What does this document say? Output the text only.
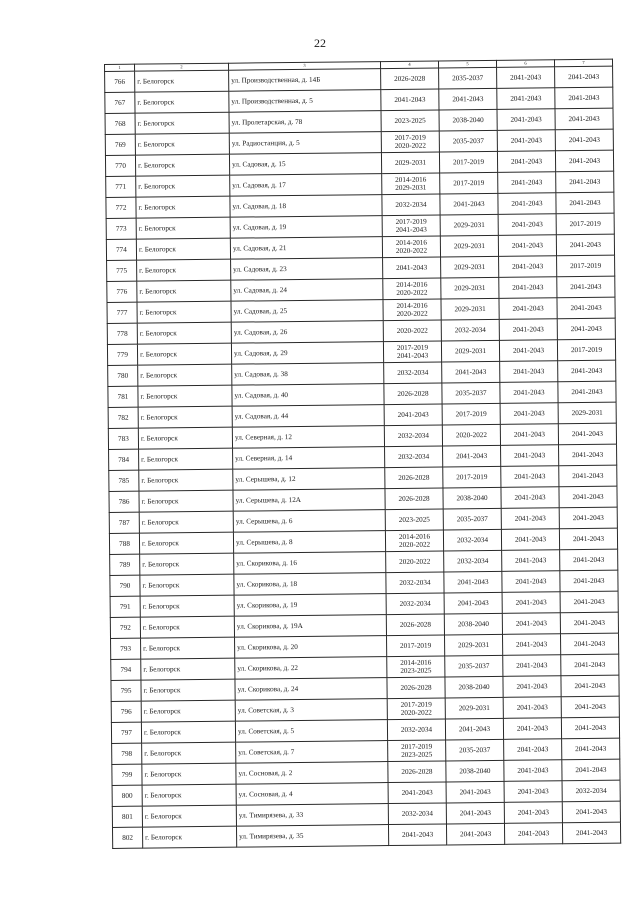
22
1	2	3	4	5	6	7
766	г. Белогорск	ул. Производственная, д. 14Б	2026-2028	2035-2037	2041-2043	2041-2043

767	г. Белогорск	ул. Производственная, д. 5	2041-2043	2041-2043	2041-2043	2041-2043

768	г. Белогорск	ул. Пролетарская, д. 78	2023-2025	2038-2040	2041-2043	2041-2043

769	г. Белогорск	ул. Радиостанция, д. 5	2017-2019
2020-2022	2035-2037	2041-2043	2041-2043

770	г. Белогорск	ул. Садовая, д. 15	2029-2031	2017-2019	2041-2043	2041-2043

771	г. Белогорск	ул. Садовая, д. 17	2014-2016
2029-2031	2017-2019	2041-2043	2041-2043

772	г. Белогорск	ул. Садовая, д. 18	2032-2034	2041-2043	2041-2043	2041-2043

773	г. Белогорск	ул. Садовая, д. 19	2017-2019
2041-2043	2029-2031	2041-2043	2017-2019

774	г. Белогорск	ул. Садовая, д. 21	2014-2016
2020-2022	2029-2031	2041-2043	2041-2043

775	г. Белогорск	ул. Садовая, д. 23	2041-2043	2029-2031	2041-2043	2017-2019

776	г. Белогорск	ул. Садовая, д. 24	2014-2016
2020-2022	2029-2031	2041-2043	2041-2043

777	г. Белогорск	ул. Садовая, д. 25	2014-2016
2020-2022	2029-2031	2041-2043	2041-2043

778	г. Белогорск	ул. Садовая, д. 26	2020-2022	2032-2034	2041-2043	2041-2043

779	г. Белогорск	ул. Садовая, д. 29	2017-2019
2041-2043	2029-2031	2041-2043	2017-2019

780	г. Белогорск	ул. Садовая, д. 38	2032-2034	2041-2043	2041-2043	2041-2043

781	г. Белогорск	ул. Садовая, д. 40	2026-2028	2035-2037	2041-2043	2041-2043

782	г. Белогорск	ул. Садовая, д. 44	2041-2043	2017-2019	2041-2043	2029-2031

783	г. Белогорск	ул. Северная, д. 12	2032-2034	2020-2022	2041-2043	2041-2043

784	г. Белогорск	ул. Северная, д. 14	2032-2034	2041-2043	2041-2043	2041-2043

785	г. Белогорск	ул. Серышева, д. 12	2026-2028	2017-2019	2041-2043	2041-2043

786	г. Белогорск	ул. Серышева, д. 12А	2026-2028	2038-2040	2041-2043	2041-2043

787	г. Белогорск	ул. Серышева, д. 6	2023-2025	2035-2037	2041-2043	2041-2043

788	г. Белогорск	ул. Серышева, д. 8	2014-2016
2020-2022	2032-2034	2041-2043	2041-2043

789	г. Белогорск	ул. Скорикова, д. 16	2020-2022	2032-2034	2041-2043	2041-2043

790	г. Белогорск	ул. Скорикова, д. 18	2032-2034	2041-2043	2041-2043	2041-2043

791	г. Белогорск	ул. Скорикова, д. 19	2032-2034	2041-2043	2041-2043	2041-2043

792	г. Белогорск	ул. Скорикова, д. 19А	2026-2028	2038-2040	2041-2043	2041-2043

793	г. Белогорск	ул. Скорикова, д. 20	2017-2019	2029-2031	2041-2043	2041-2043

794	г. Белогорск	ул. Скорикова, д. 22	2014-2016
2023-2025	2035-2037	2041-2043	2041-2043

795	г. Белогорск	ул. Скорикова, д. 24	2026-2028	2038-2040	2041-2043	2041-2043

796	г. Белогорск	ул. Советская, д. 3	2017-2019
2020-2022	2029-2031	2041-2043	2041-2043

797	г. Белогорск	ул. Советская, д. 5	2032-2034	2041-2043	2041-2043	2041-2043

798	г. Белогорск	ул. Советская, д. 7	2017-2019
2023-2025	2035-2037	2041-2043	2041-2043

799	г. Белогорск	ул. Сосновая, д. 2	2026-2028	2038-2040	2041-2043	2041-2043

800	г. Белогорск	ул. Сосновая, д. 4	2041-2043	2041-2043	2041-2043	2032-2034

801	г. Белогорск	ул. Тимирязева, д. 33	2032-2034	2041-2043	2041-2043	2041-2043

802	г. Белогорск	ул. Тимирязева, д. 35	2041-2043	2041-2043	2041-2043	2041-2043
